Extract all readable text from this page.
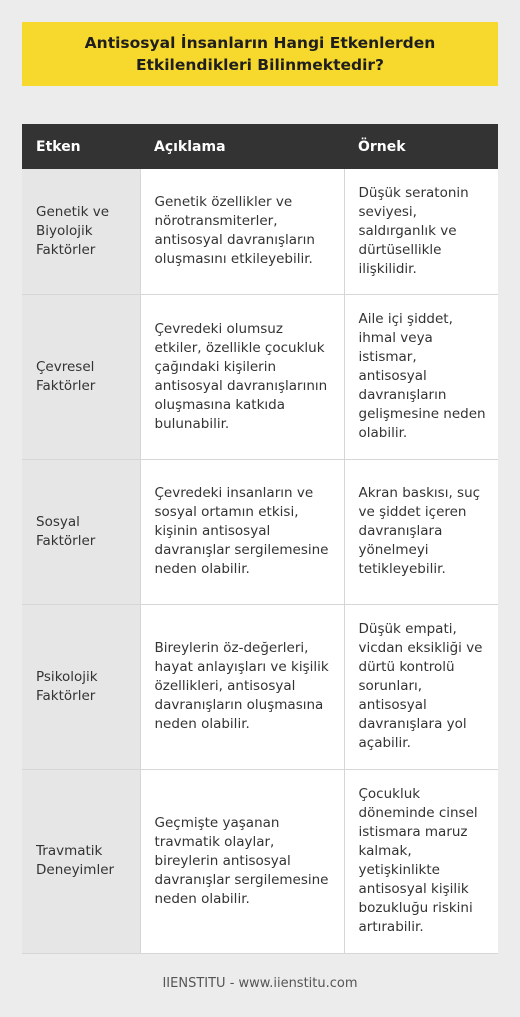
Antisosyal İnsanların Hangi Etkenlerden Etkilendikleri Bilinmektedir?
Etken	Açıklama	Örnek
Genetik ve Biyolojik Faktörler	Genetik özellikler ve nörotransmiterler, antisosyal davranışların oluşmasını etkileyebilir.	Düşük seratonin seviyesi, saldırganlık ve dürtüsellikle ilişkilidir.
Çevresel Faktörler	Çevredeki olumsuz etkiler, özellikle çocukluk çağındaki kişilerin antisosyal davranışlarının oluşmasına katkıda bulunabilir.	Aile içi şiddet, ihmal veya istismar, antisosyal davranışların gelişmesine neden olabilir.
Sosyal Faktörler	Çevredeki insanların ve sosyal ortamın etkisi, kişinin antisosyal davranışlar sergilemesine neden olabilir.	Akran baskısı, suç ve şiddet içeren davranışlara yönelmeyi tetikleyebilir.
Psikolojik Faktörler	Bireylerin öz-değerleri, hayat anlayışları ve kişilik özellikleri, antisosyal davranışların oluşmasına neden olabilir.	Düşük empati, vicdan eksikliği ve dürtü kontrolü sorunları, antisosyal davranışlara yol açabilir.
Travmatik Deneyimler	Geçmişte yaşanan travmatik olaylar, bireylerin antisosyal davranışlar sergilemesine neden olabilir.	Çocukluk döneminde cinsel istismara maruz kalmak, yetişkinlikte antisosyal kişilik bozukluğu riskini artırabilir.
IIENSTITU - www.iienstitu.com
